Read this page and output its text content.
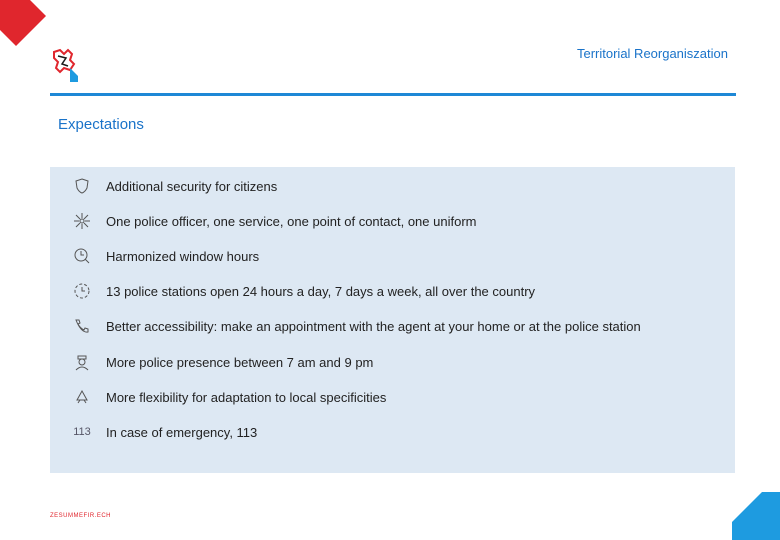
Territorial Reorganiszation
Expectations
Additional security for citizens
One police officer, one service, one point of contact, one uniform
Harmonized window hours
13 police stations open 24 hours a day, 7 days a week, all over the country
Better accessibility: make an appointment with the agent at your home or at the police station
More police presence between 7 am and 9 pm
More flexibility for adaptation to local specificities
113 In case of emergency, 113
ZESUMMEFIR.ECH
